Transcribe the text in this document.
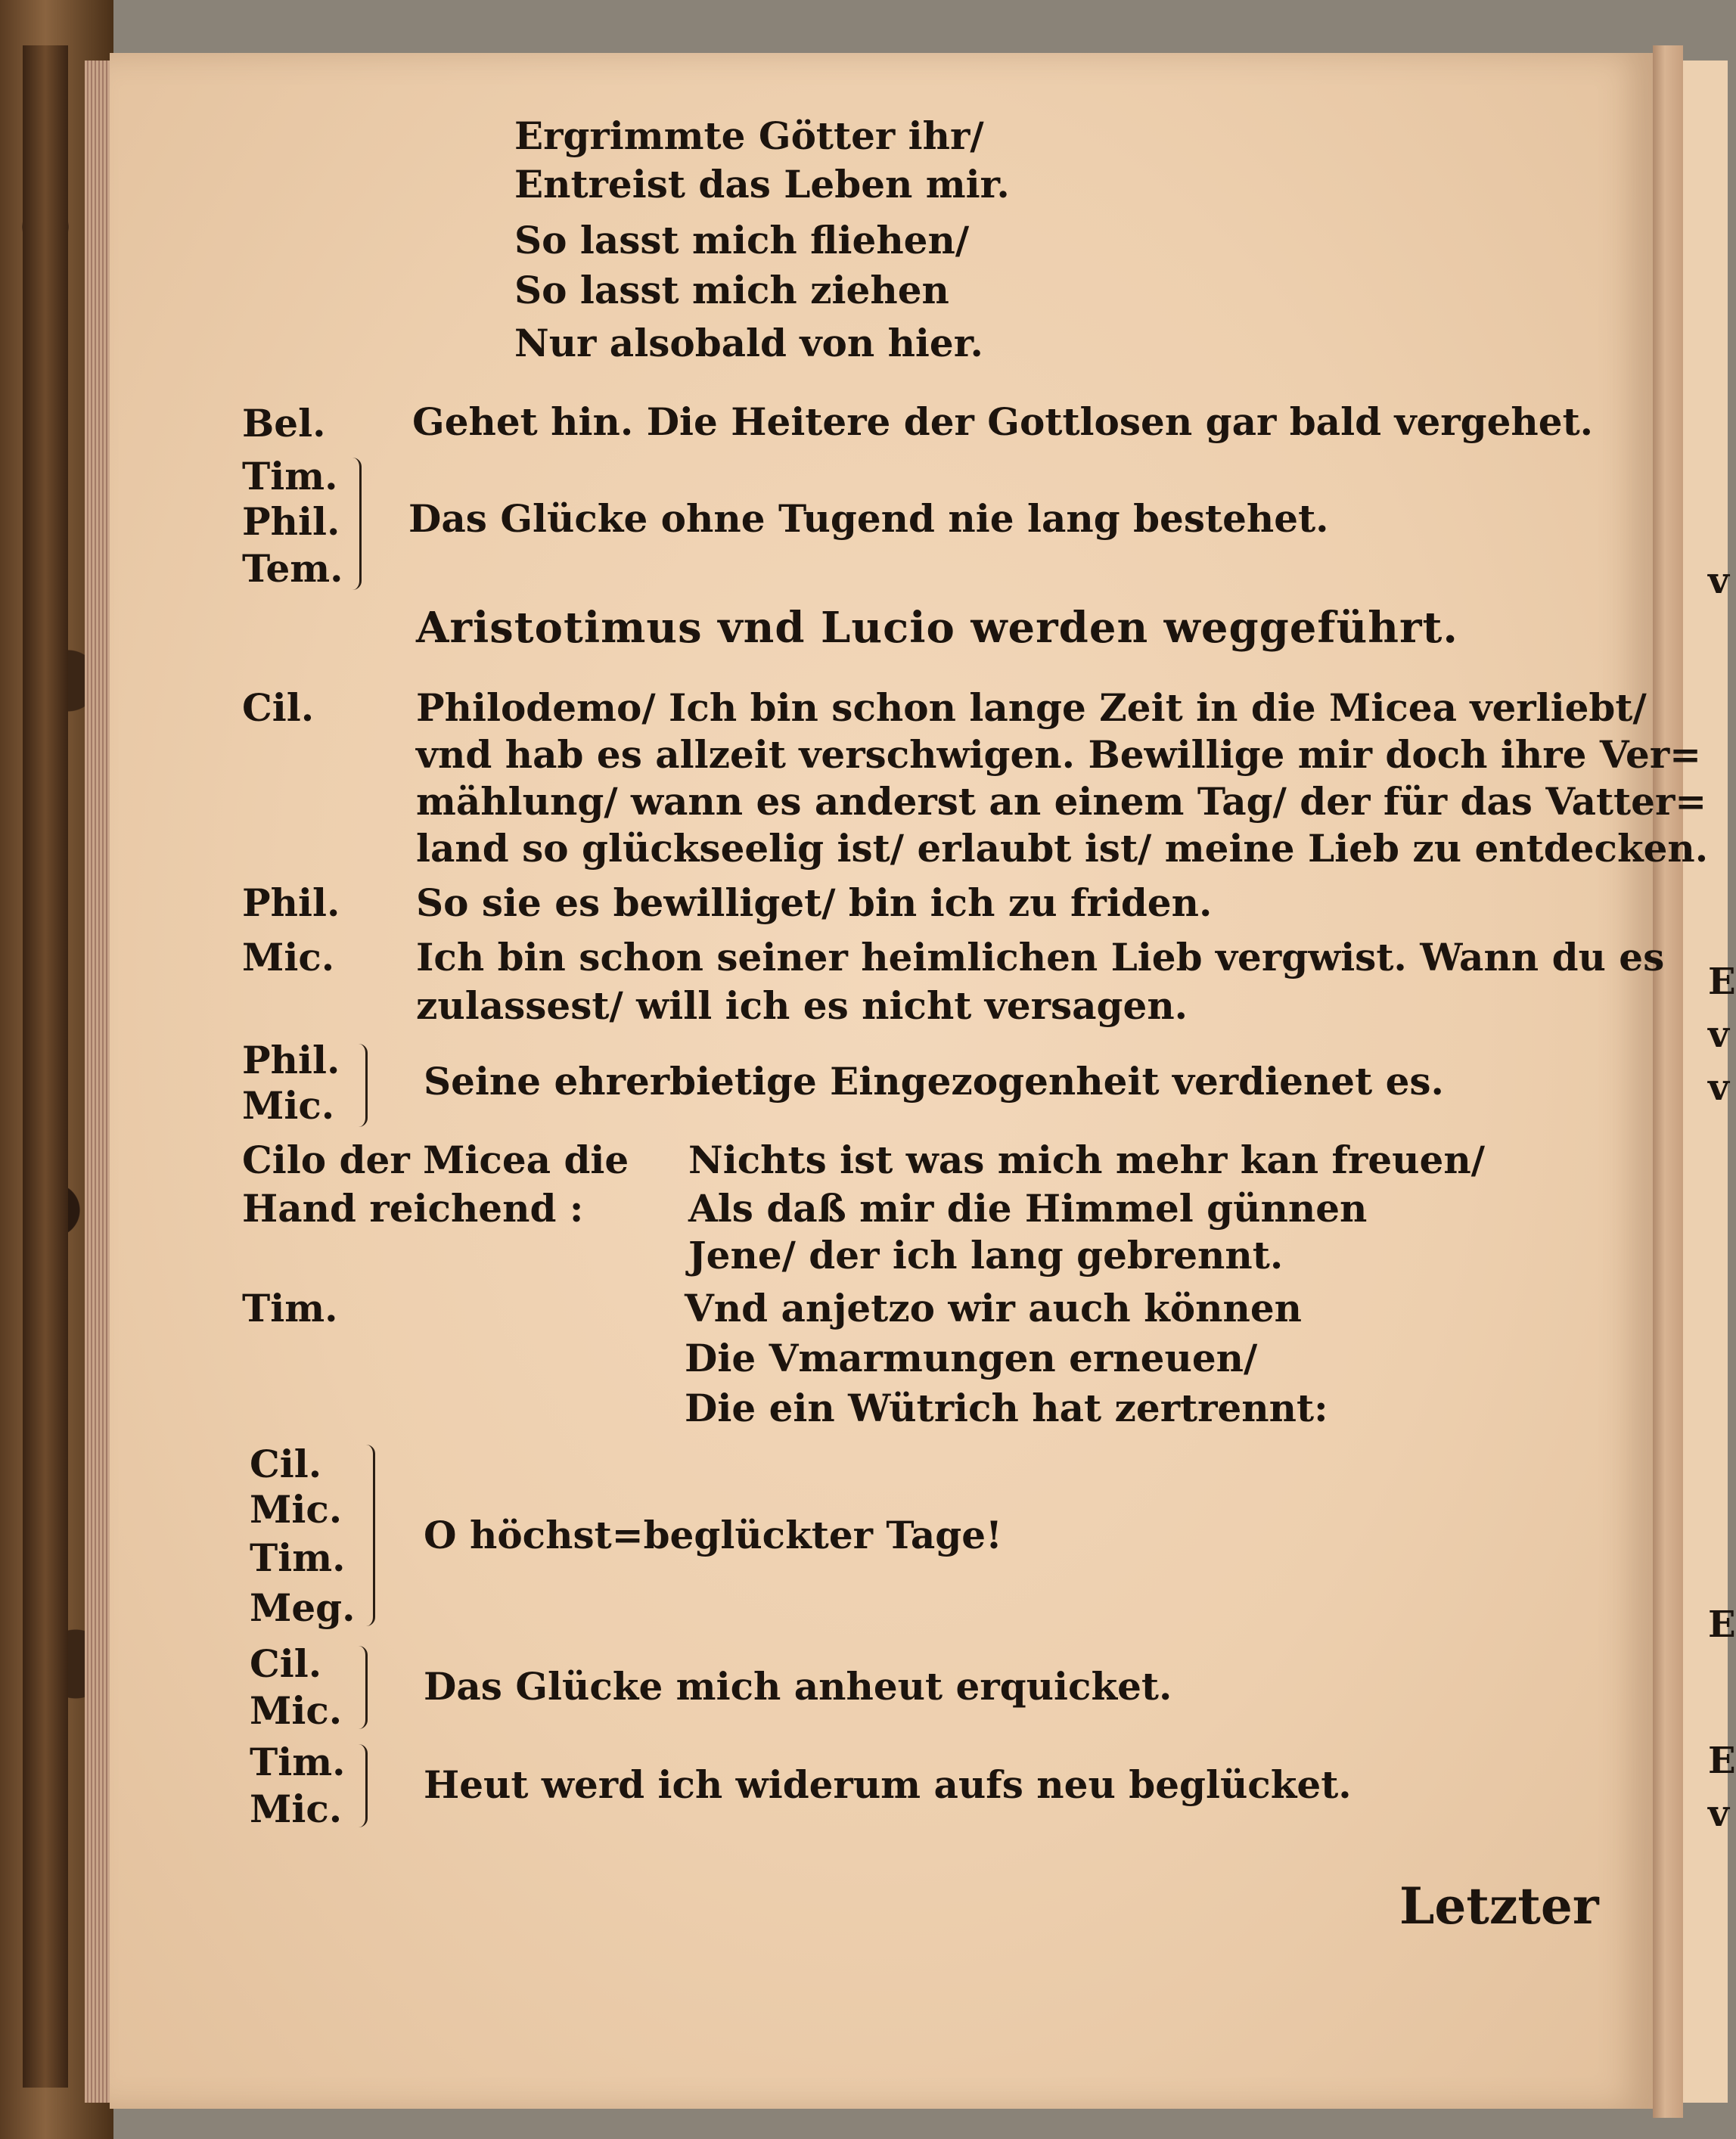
Ergrimmte Götter ihr/
Entreist das Leben mir.
So lasst mich fliehen/
So lasst mich ziehen
Nur alsobald von hier.
Bel. Gehet hin. Die Heitere der Gottlosen gar bald vergehet.
Tim.
Phil.
Tem.
Das Glücke ohne Tugend nie lang bestehet.
Aristotimus vnd Lucio werden weggeführt.
Cil.	Philodemo/ Ich bin schon lange Zeit in die Micea verliebt/
vnd hab es allzeit verschwigen. Bewillige mir doch ihre Ver=
mählung/ wann es anderst an einem Tag/ der für das Vatter=
land so glückseelig ist/ erlaubt ist/ meine Lieb zu entdecken.
Phil. So sie es bewilliget/ bin ich zu friden.
Mic. Ich bin schon seiner heimlichen Lieb vergwist. Wann du es
zulassest/ will ich es nicht versagen.
Phil.
Mic.
Seine ehrerbietige Eingezogenheit verdienet es.
Cilo der Micea die
Hand reichend :
Nichts ist was mich mehr kan freuen/
Als daß mir die Himmel günnen
Jene/ der ich lang gebrennt.
Tim.	Vnd anjetzo wir auch können
Die Vmarmungen erneuen/
Die ein Wütrich hat zertrennt:
Cil.
Mic.
Tim.
Meg.
O höchst=beglückter Tage!
Cil.
Mic.
Das Glücke mich anheut erquicket.
Tim.
Mic.
Heut werd ich widerum aufs neu beglücket.
Letzter
v
E
v
v
E
E
v
